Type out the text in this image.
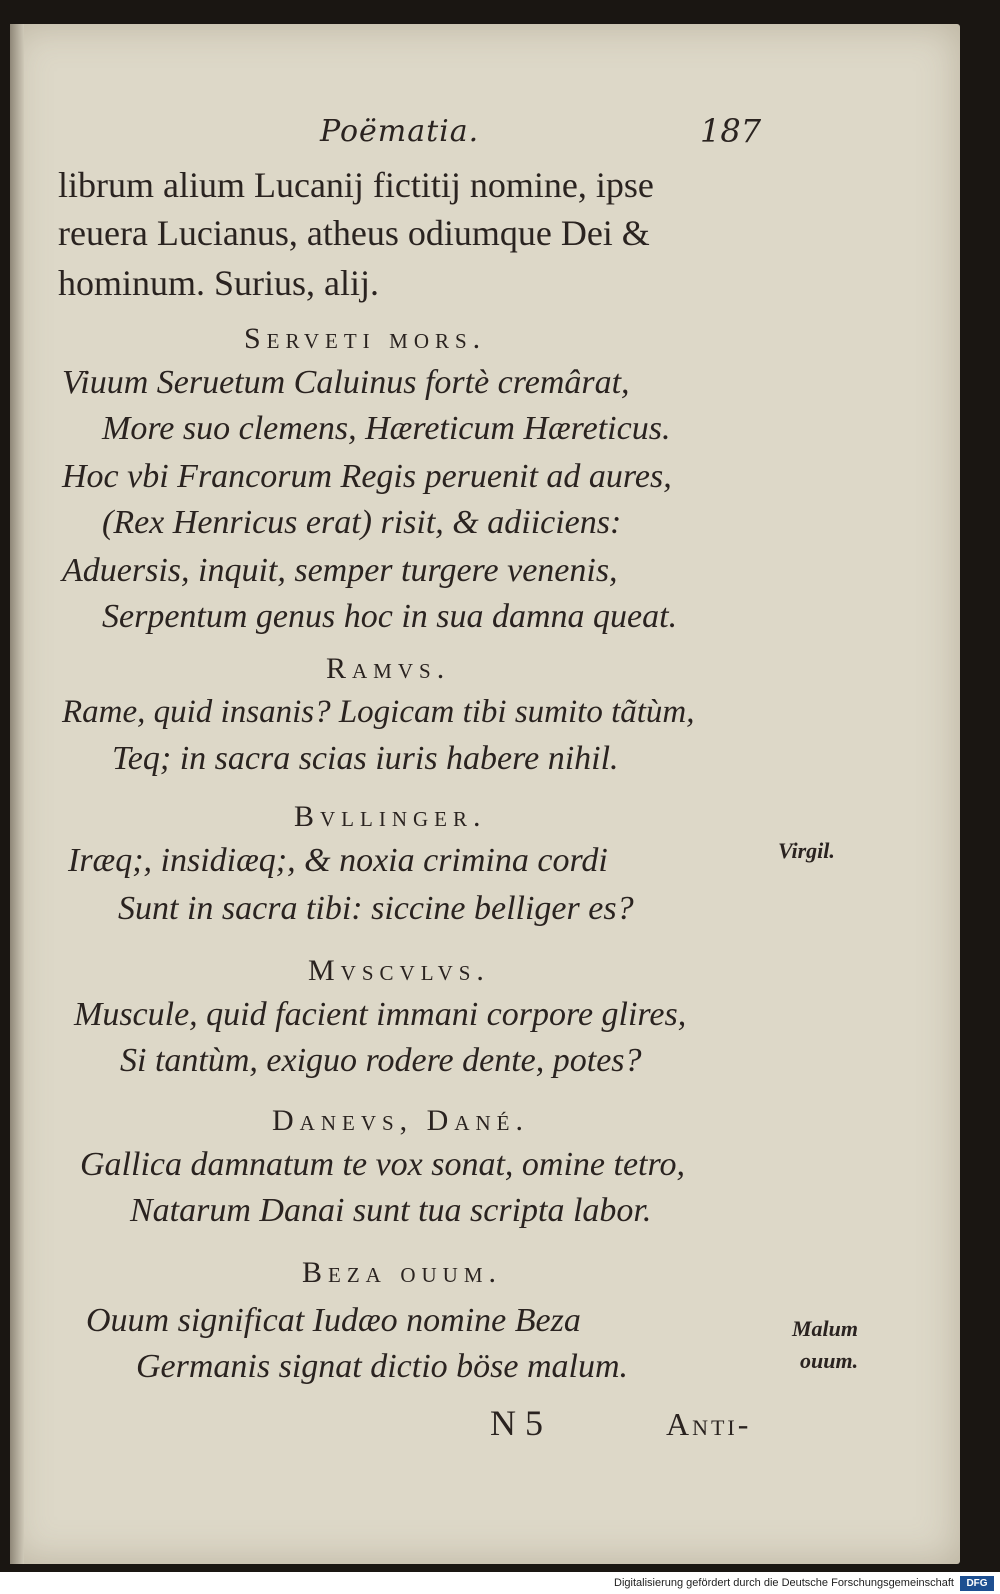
Poëmatia.	187
librum alium Lucanij fictitij nomine, ipse
reuera Lucianus, atheus odiumque Dei &
hominum. Surius, alij.
Serveti mors.
Viuum Seruetum Caluinus fortè cremârat,
More suo clemens, Hæreticum Hæreticus.
Hoc vbi Francorum Regis peruenit ad aures,
(Rex Henricus erat) risit, & adiiciens:
Aduersis, inquit, semper turgere venenis,
Serpentum genus hoc in sua damna queat.
Ramvs.
Rame, quid insanis? Logicam tibi sumito tãtùm,
Teq; in sacra scias iuris habere nihil.
Bvllinger.
Iræq;, insidiæq;, & noxia crimina cordi
Sunt in sacra tibi: siccine belliger es?
Virgil.
Mvscvlvs.
Muscule, quid facient immani corpore glires,
Si tantùm, exiguo rodere dente, potes?
Danevs, Dané.
Gallica damnatum te vox sonat, omine tetro,
Natarum Danai sunt tua scripta labor.
Beza ouum.
Ouum significat Iudæo nomine Beza
Germanis signat dictio böse malum.
Malum
ouum.
N 5	Anti-
Digitalisierung gefördert durch die Deutsche Forschungsgemeinschaft	DFG
